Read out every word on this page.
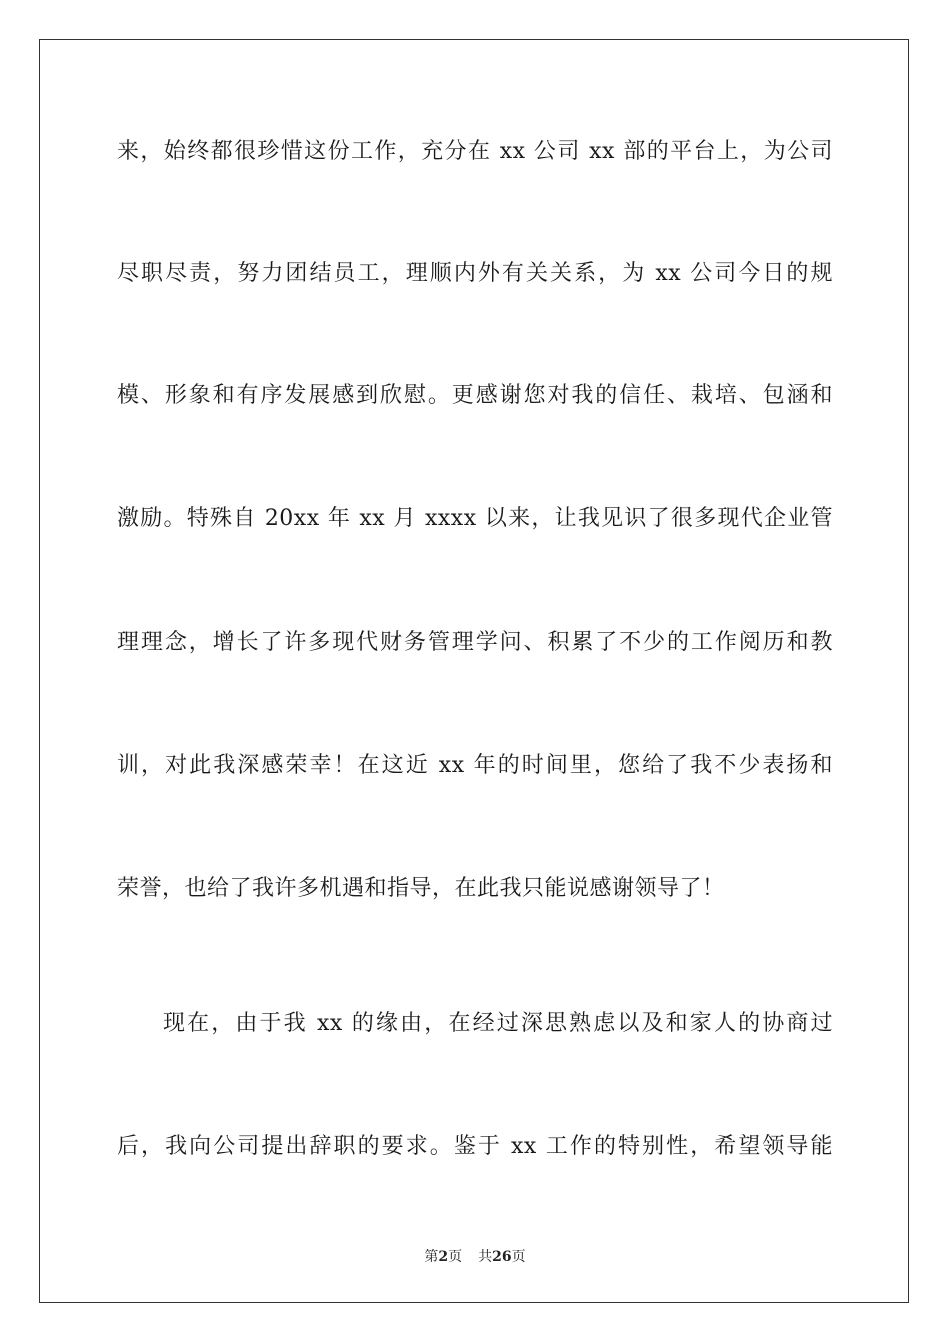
来，始终都很珍惜这份工作，充分在 xx 公司 xx 部的平台上，为公司
尽职尽责，努力团结员工，理顺内外有关关系，为 xx 公司今日的规
模、形象和有序发展感到欣慰。更感谢您对我的信任、栽培、包涵和
激励。特殊自 20xx 年 xx 月 xxxx 以来，让我见识了很多现代企业管
理理念，增长了许多现代财务管理学问、积累了不少的工作阅历和教
训，对此我深感荣幸！在这近 xx 年的时间里，您给了我不少表扬和
荣誉，也给了我许多机遇和指导，在此我只能说感谢领导了！
现在，由于我 xx 的缘由，在经过深思熟虑以及和家人的协商过
后，我向公司提出辞职的要求。鉴于 xx 工作的特别性，希望领导能
第2页 共26页
